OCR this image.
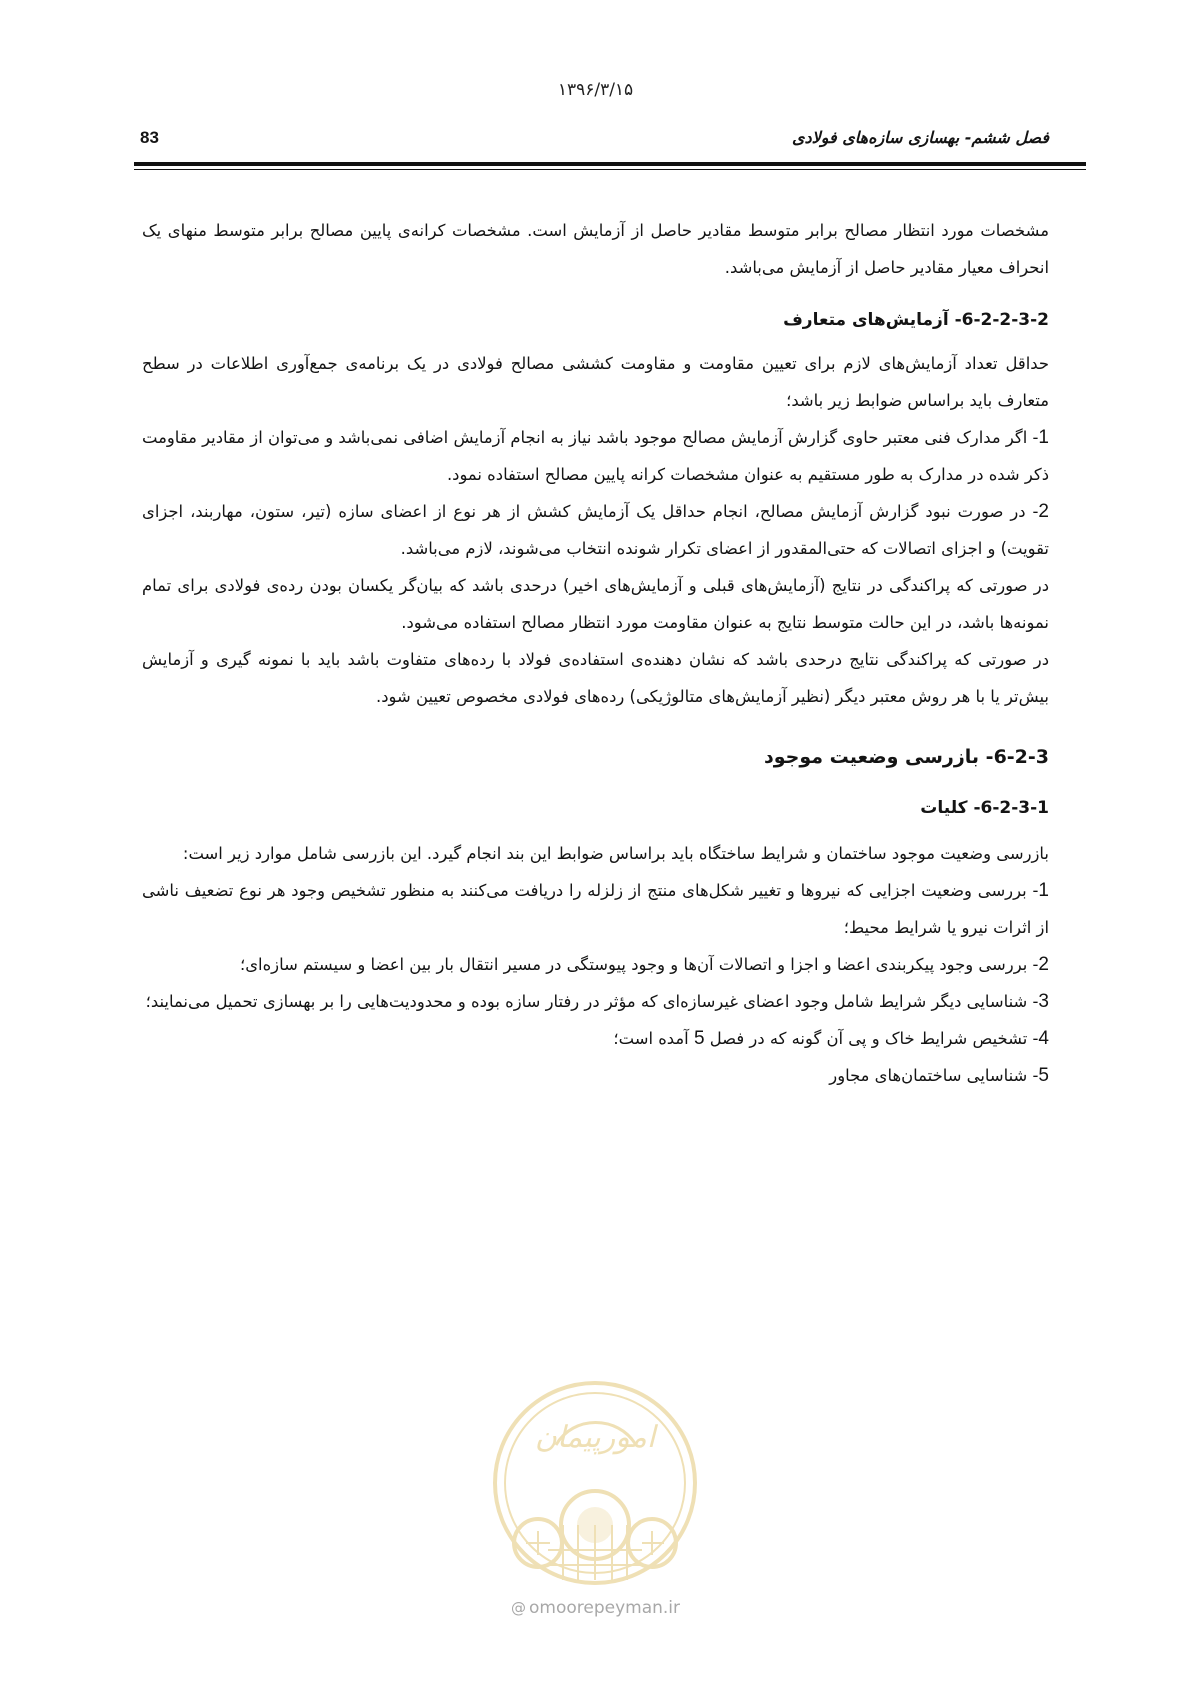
۱۳۹۶/۳/۱۵
83	فصل ششم- بهسازی سازه‌های فولادی

مشخصات مورد انتظار مصالح برابر متوسط مقادیر حاصل از آزمایش است. مشخصات کرانه‌ی پایین مصالح برابر متوسط منهای یک انحراف معیار مقادیر حاصل از آزمایش می‌باشد.

6-2-2-3-2- آزمایش‌های متعارف

حداقل تعداد آزمایش‌های لازم برای تعیین مقاومت و مقاومت کششی مصالح فولادی در یک برنامه‌ی جمع‌آوری اطلاعات در سطح متعارف باید براساس ضوابط زیر باشد؛

1- اگر مدارک فنی معتبر حاوی گزارش آزمایش مصالح موجود باشد نیاز به انجام آزمایش اضافی نمی‌باشد و می‌توان از مقادیر مقاومت ذکر شده در مدارک به طور مستقیم به عنوان مشخصات کرانه پایین مصالح استفاده نمود.

2- در صورت نبود گزارش آزمایش مصالح، انجام حداقل یک آزمایش کشش از هر نوع از اعضای سازه (تیر، ستون، مهاربند، اجزای تقویت) و اجزای اتصالات که حتی‌المقدور از اعضای تکرار شونده انتخاب می‌شوند، لازم می‌باشد.

در صورتی که پراکندگی در نتایج (آزمایش‌های قبلی و آزمایش‌های اخیر) درحدی باشد که بیان‌گر یکسان بودن رده‌ی فولادی برای تمام نمونه‌ها باشد، در این حالت متوسط نتایج به عنوان مقاومت مورد انتظار مصالح استفاده می‌شود.

در صورتی که پراکندگی نتایج درحدی باشد که نشان دهنده‌ی استفاده‌ی فولاد با رده‌های متفاوت باشد باید با نمونه گیری و آزمایش بیش‌تر یا با هر روش معتبر دیگر (نظیر آزمایش‌های متالوژیکی) رده‌های فولادی مخصوص تعیین شود.

6-2-3- بازرسی وضعیت موجود
6-2-3-1- کلیات

بازرسی وضعیت موجود ساختمان و شرایط ساختگاه باید براساس ضوابط این بند انجام گیرد. این بازرسی شامل موارد زیر است:

1- بررسی وضعیت اجزایی که نیروها و تغییر شکل‌های منتج از زلزله را دریافت می‌کنند به منظور تشخیص وجود هر نوع تضعیف ناشی از اثرات نیرو یا شرایط محیط؛

2- بررسی وجود پیکربندی اعضا و اجزا و اتصالات آن‌ها و وجود پیوستگی در مسیر انتقال بار بین اعضا و سیستم سازه‌ای؛

3- شناسایی دیگر شرایط شامل وجود اعضای غیرسازه‌ای که مؤثر در رفتار سازه بوده و محدودیت‌هایی را بر بهسازی تحمیل می‌نمایند؛

4- تشخیص شرایط خاک و پی آن گونه که در فصل 5 آمده است؛

5- شناسایی ساختمان‌های مجاور

امورپیمان
@ omoorepeyman.ir
